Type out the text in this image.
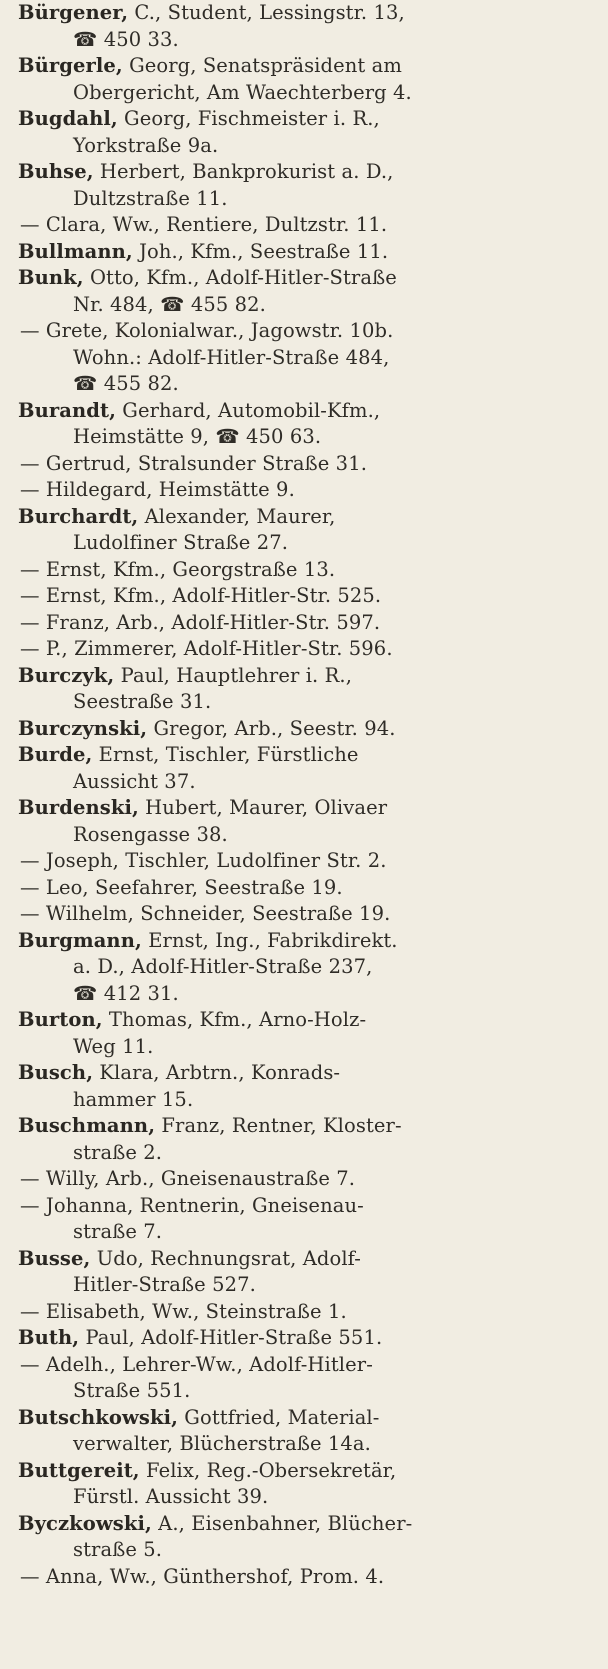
Bürgener, C., Student, Lessingstr. 13,
☎ 450 33.
Bürgerle, Georg, Senatspräsident am
Obergericht, Am Waechterberg 4.
Bugdahl, Georg, Fischmeister i. R.,
Yorkstraße 9a.
Buhse, Herbert, Bankprokurist a. D.,
Dultzstraße 11.
— Clara, Ww., Rentiere, Dultzstr. 11.
Bullmann, Joh., Kfm., Seestraße 11.
Bunk, Otto, Kfm., Adolf-Hitler-Straße
Nr. 484, ☎ 455 82.
— Grete, Kolonialwar., Jagowstr. 10b.
Wohn.: Adolf-Hitler-Straße 484,
☎ 455 82.
Burandt, Gerhard, Automobil-Kfm.,
Heimstätte 9, ☎ 450 63.
— Gertrud, Stralsunder Straße 31.
— Hildegard, Heimstätte 9.
Burchardt, Alexander, Maurer,
Ludolfiner Straße 27.
— Ernst, Kfm., Georgstraße 13.
— Ernst, Kfm., Adolf-Hitler-Str. 525.
— Franz, Arb., Adolf-Hitler-Str. 597.
— P., Zimmerer, Adolf-Hitler-Str. 596.
Burczyk, Paul, Hauptlehrer i. R.,
Seestraße 31.
Burczynski, Gregor, Arb., Seestr. 94.
Burde, Ernst, Tischler, Fürstliche
Aussicht 37.
Burdenski, Hubert, Maurer, Olivaer
Rosengasse 38.
— Joseph, Tischler, Ludolfiner Str. 2.
— Leo, Seefahrer, Seestraße 19.
— Wilhelm, Schneider, Seestraße 19.
Burgmann, Ernst, Ing., Fabrikdirekt.
a. D., Adolf-Hitler-Straße 237,
☎ 412 31.
Burton, Thomas, Kfm., Arno-Holz-
Weg 11.
Busch, Klara, Arbtrn., Konrads-
hammer 15.
Buschmann, Franz, Rentner, Kloster-
straße 2.
— Willy, Arb., Gneisenaustraße 7.
— Johanna, Rentnerin, Gneisenau-
straße 7.
Busse, Udo, Rechnungsrat, Adolf-
Hitler-Straße 527.
— Elisabeth, Ww., Steinstraße 1.
Buth, Paul, Adolf-Hitler-Straße 551.
— Adelh., Lehrer-Ww., Adolf-Hitler-
Straße 551.
Butschkowski, Gottfried, Material-
verwalter, Blücherstraße 14a.
Buttgereit, Felix, Reg.-Obersekretär,
Fürstl. Aussicht 39.
Byczkowski, A., Eisenbahner, Blücher-
straße 5.
— Anna, Ww., Günthershof, Prom. 4.
